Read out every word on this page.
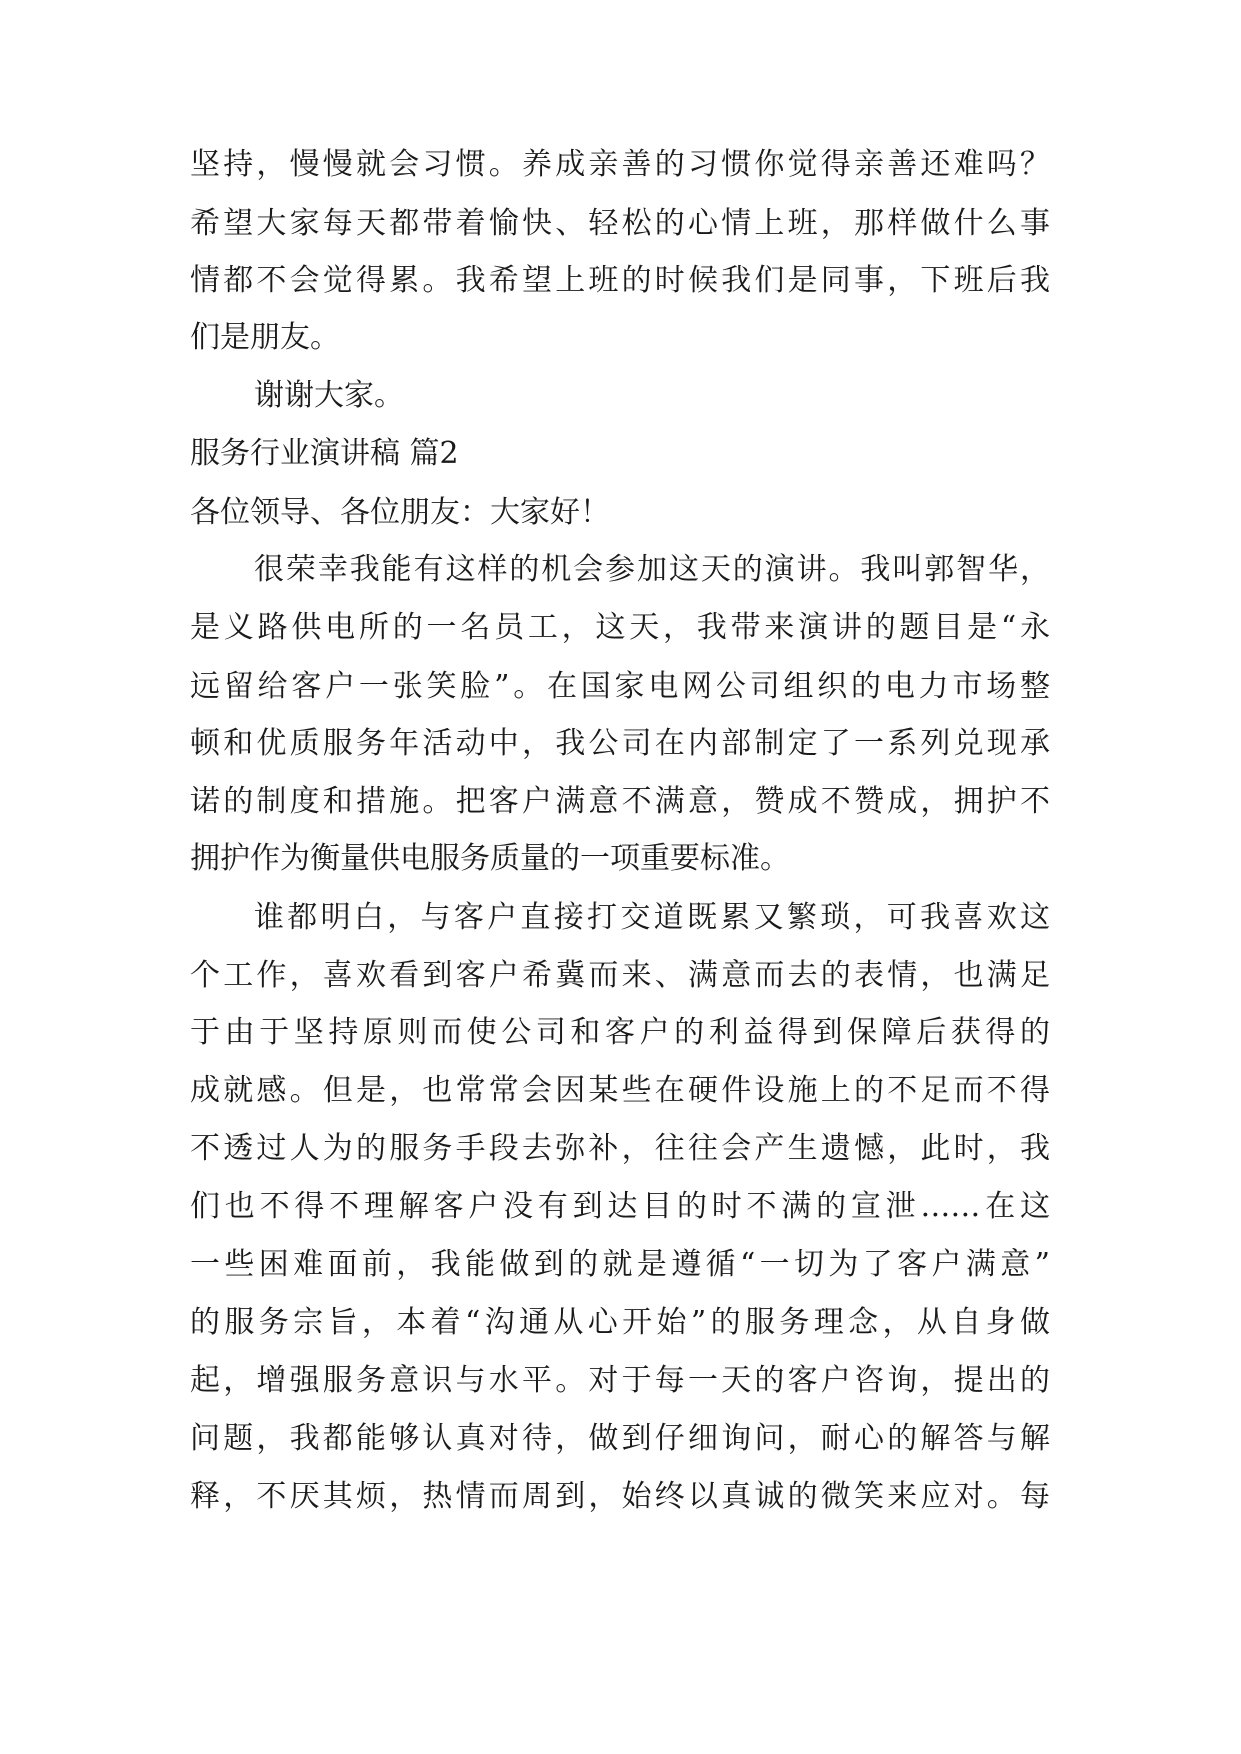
坚持，慢慢就会习惯。养成亲善的习惯你觉得亲善还难吗？
希望大家每天都带着愉快、轻松的心情上班，那样做什么事
情都不会觉得累。我希望上班的时候我们是同事，下班后我
们是朋友。
谢谢大家。
服务行业演讲稿 篇2
各位领导、各位朋友：大家好！
很荣幸我能有这样的机会参加这天的演讲。我叫郭智华，
是义路供电所的一名员工，这天，我带来演讲的题目是“永
远留给客户一张笑脸”。在国家电网公司组织的电力市场整
顿和优质服务年活动中，我公司在内部制定了一系列兑现承
诺的制度和措施。把客户满意不满意，赞成不赞成，拥护不
拥护作为衡量供电服务质量的一项重要标准。
谁都明白，与客户直接打交道既累又繁琐，可我喜欢这
个工作，喜欢看到客户希冀而来、满意而去的表情，也满足
于由于坚持原则而使公司和客户的利益得到保障后获得的
成就感。但是，也常常会因某些在硬件设施上的不足而不得
不透过人为的服务手段去弥补，往往会产生遗憾，此时，我
们也不得不理解客户没有到达目的时不满的宣泄……在这
一些困难面前，我能做到的就是遵循“一切为了客户满意”
的服务宗旨，本着“沟通从心开始”的服务理念，从自身做
起，增强服务意识与水平。对于每一天的客户咨询，提出的
问题，我都能够认真对待，做到仔细询问，耐心的解答与解
释，不厌其烦，热情而周到，始终以真诚的微笑来应对。每
